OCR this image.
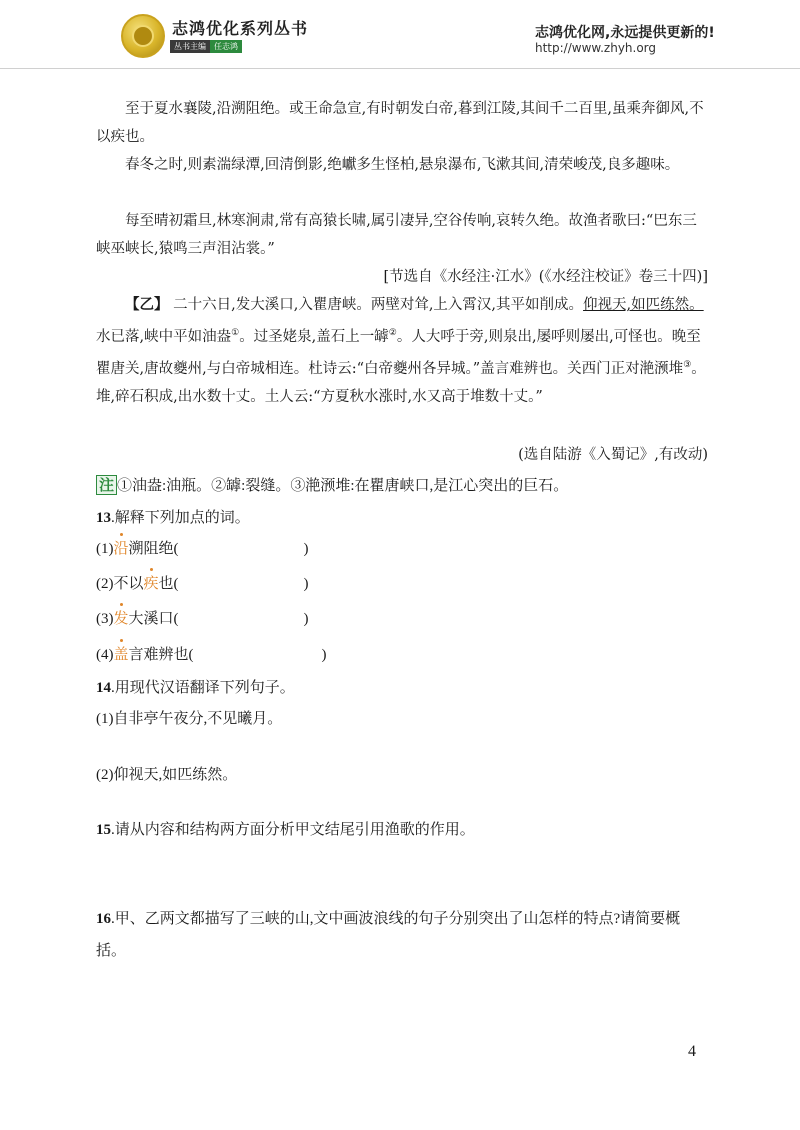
志鸿优化系列丛书
丛书主编	任志鸿
志鸿优化网,永远提供更新的!
http://www.zhyh.org
至于夏水襄陵,沿溯阻绝。或王命急宣,有时朝发白帝,暮到江陵,其间千二百里,虽乘奔御风,不以疾也。
春冬之时,则素湍绿潭,回清倒影,绝巘多生怪柏,悬泉瀑布,飞漱其间,清荣峻茂,良多趣味。
每至晴初霜旦,林寒涧肃,常有高猿长啸,属引凄异,空谷传响,哀转久绝。故渔者歌曰:“巴东三峡巫峡长,猿鸣三声泪沾裳。”
[节选自《水经注·江水》(《水经注校证》卷三十四)]
【乙】 二十六日,发大溪口,入瞿唐峡。两壁对耸,上入霄汉,其平如削成。仰视天,如匹练然。水已落,峡中平如油盎①。过圣姥泉,盖石上一罅②。人大呼于旁,则泉出,屡呼则屡出,可怪也。晚至瞿唐关,唐故夔州,与白帝城相连。杜诗云:“白帝夔州各异城。”盖言难辨也。关西门正对滟滪堆③。堆,碎石积成,出水数十丈。土人云:“方夏秋水涨时,水又高于堆数十丈。”
(选自陆游《入蜀记》,有改动)
注 ①油盎:油瓶。②罅:裂缝。③滟滪堆:在瞿唐峡口,是江心突出的巨石。
13.解释下列加点的词。
(1)沿溯阻绝(	)
(2)不以疾也(	)
(3)发大溪口(	)
(4)盖言难辨也(	)
14.用现代汉语翻译下列句子。
(1)自非亭午夜分,不见曦月。
(2)仰视天,如匹练然。
15.请从内容和结构两方面分析甲文结尾引用渔歌的作用。
16.甲、乙两文都描写了三峡的山,文中画波浪线的句子分别突出了山怎样的特点?请简要概括。
4
